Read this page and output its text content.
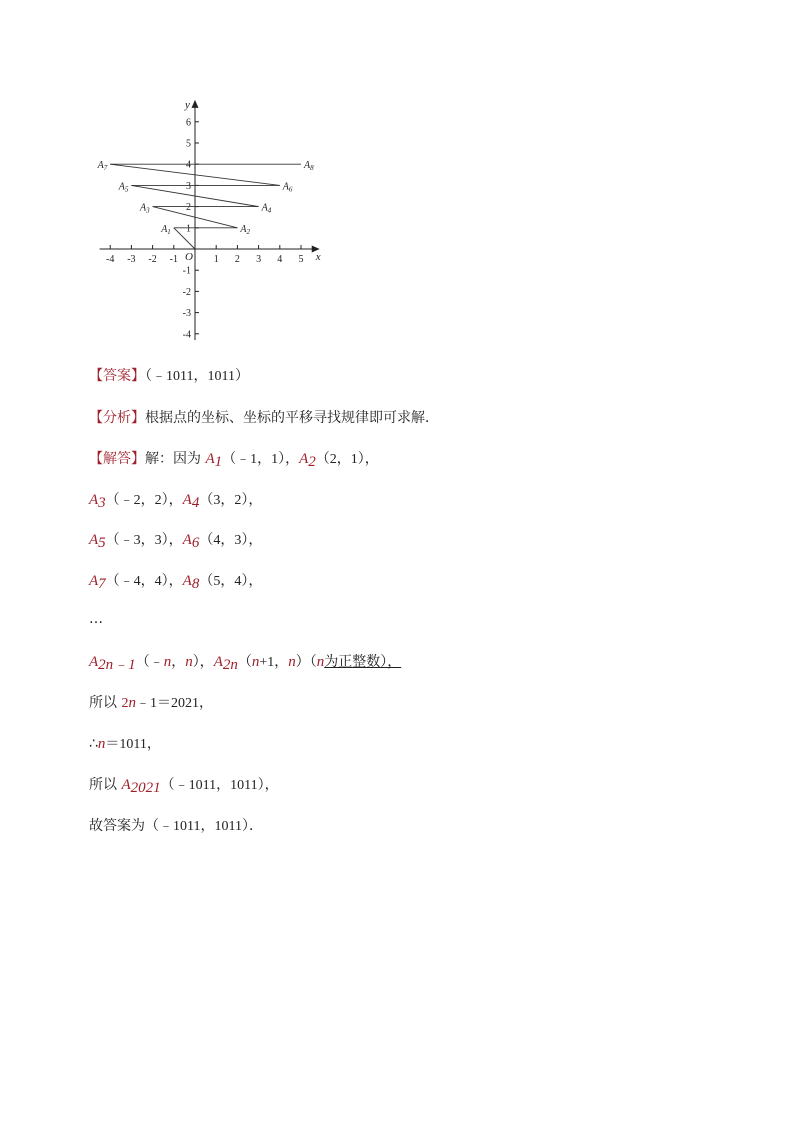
x
y
O
-4 -3 -2 -1	1 2 3 4 5
6
5
4
3
2
1
-1
-2
-3
-4
$A_1$	$A_2$
$A_3$	$A_4$
$A_5$	$A_6$
$A_7$	$A_8$
【答案】（﹣1011，1011）
【分析】根据点的坐标、坐标的平移寻找规律即可求解．
【解答】解：因为 $A_1(﹣1$，1），$A_2(2$，1），
$A_3(﹣2$，2），$A_4(3$，2），
$A_5(﹣3$，3），$A_6(4$，3），
$A_7(﹣4$，4），$A_8(5$，4），
…
$A_{2n﹣1}(﹣n$，n），$A_{2n}(n+1$，n）（n为正整数），
所以 2n﹣1＝2021，
∴n＝1011，
所以 $A_{2021}(﹣1011$，1011），
故答案为（﹣1011，1011）．
